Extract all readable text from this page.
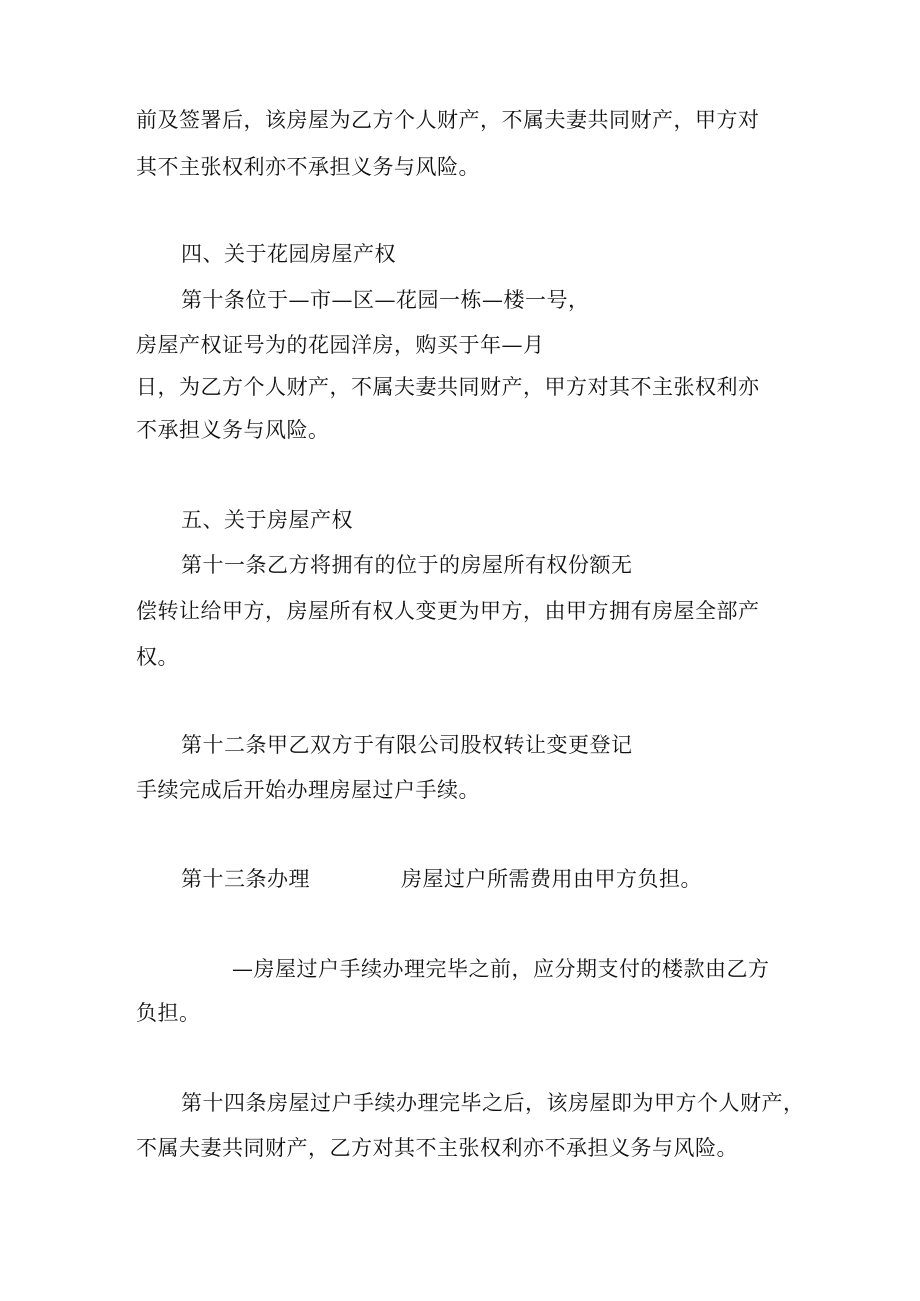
前及签署后，该房屋为乙方个人财产，不属夫妻共同财产，甲方对
其不主张权利亦不承担义务与风险。
四、关于花园房屋产权
第十条位于—市—区—花园一栋—楼一号，
房屋产权证号为的花园洋房，购买于年—月
日，为乙方个人财产，不属夫妻共同财产，甲方对其不主张权利亦
不承担义务与风险。
五、关于房屋产权
第十一条乙方将拥有的位于的房屋所有权份额无
偿转让给甲方，房屋所有权人变更为甲方，由甲方拥有房屋全部产
权。
第十二条甲乙双方于有限公司股权转让变更登记
手续完成后开始办理房屋过户手续。
第十三条办理	房屋过户所需费用由甲方负担。
—房屋过户手续办理完毕之前，应分期支付的楼款由乙方
负担。
第十四条房屋过户手续办理完毕之后，该房屋即为甲方个人财产，
不属夫妻共同财产，乙方对其不主张权利亦不承担义务与风险。
